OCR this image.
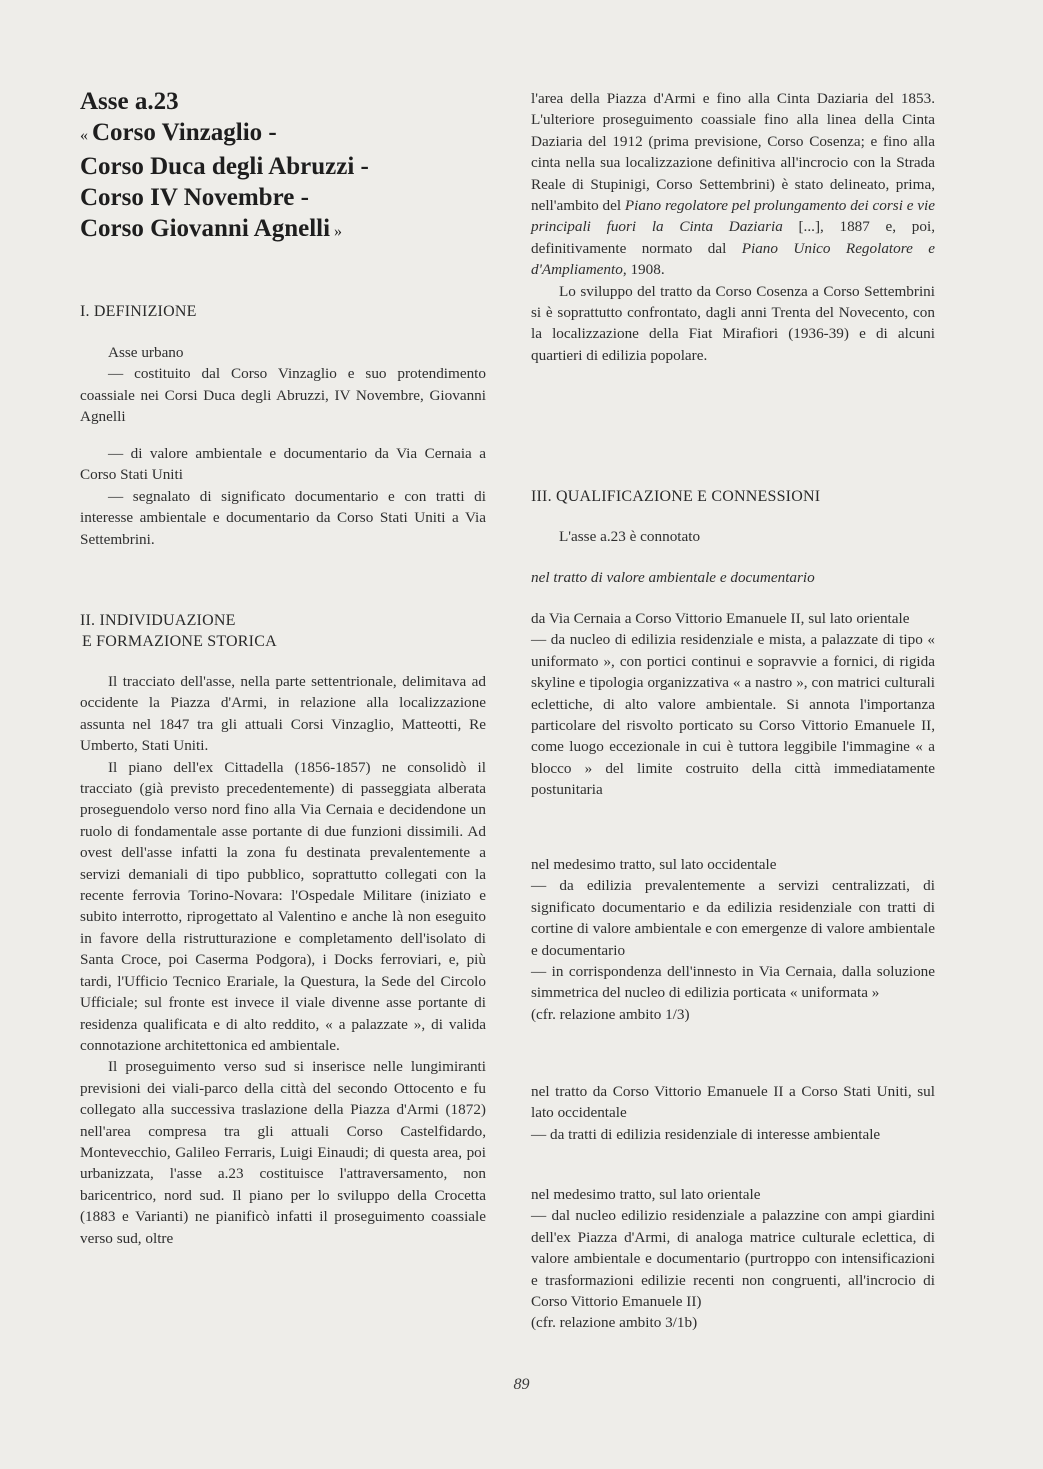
Asse a.23
« Corso Vinzaglio -
Corso Duca degli Abruzzi -
Corso IV Novembre -
Corso Giovanni Agnelli »
I. DEFINIZIONE

Asse urbano

— costituito dal Corso Vinzaglio e suo protendimento coassiale nei Corsi Duca degli Abruzzi, IV Novembre, Giovanni Agnelli

— di valore ambientale e documentario da Via Cernaia a Corso Stati Uniti

— segnalato di significato documentario e con tratti di interesse ambientale e documentario da Corso Stati Uniti a Via Settembrini.

II. INDIVIDUAZIONE
E FORMAZIONE STORICA

Il tracciato dell'asse, nella parte settentrionale, delimitava ad occidente la Piazza d'Armi, in relazione alla localizzazione assunta nel 1847 tra gli attuali Corsi Vinzaglio, Matteotti, Re Umberto, Stati Uniti.

Il piano dell'ex Cittadella (1856-1857) ne consolidò il tracciato (già previsto precedentemente) di passeggiata alberata proseguendolo verso nord fino alla Via Cernaia e decidendone un ruolo di fondamentale asse portante di due funzioni dissimili. Ad ovest dell'asse infatti la zona fu destinata prevalentemente a servizi demaniali di tipo pubblico, soprattutto collegati con la recente ferrovia Torino-Novara: l'Ospedale Militare (iniziato e subito interrotto, riprogettato al Valentino e anche là non eseguito in favore della ristrutturazione e completamento dell'isolato di Santa Croce, poi Caserma Podgora), i Docks ferroviari, e, più tardi, l'Ufficio Tecnico Erariale, la Questura, la Sede del Circolo Ufficiale; sul fronte est invece il viale divenne asse portante di residenza qualificata e di alto reddito, « a palazzate », di valida connotazione architettonica ed ambientale.

Il proseguimento verso sud si inserisce nelle lungimiranti previsioni dei viali-parco della città del secondo Ottocento e fu collegato alla successiva traslazione della Piazza d'Armi (1872) nell'area compresa tra gli attuali Corso Castelfidardo, Montevecchio, Galileo Ferraris, Luigi Einaudi; di questa area, poi urbanizzata, l'asse a.23 costituisce l'attraversamento, non baricentrico, nord sud. Il piano per lo sviluppo della Crocetta (1883 e Varianti) ne pianificò infatti il proseguimento coassiale verso sud, oltre

l'area della Piazza d'Armi e fino alla Cinta Daziaria del 1853. L'ulteriore proseguimento coassiale fino alla linea della Cinta Daziaria del 1912 (prima previsione, Corso Cosenza; e fino alla cinta nella sua localizzazione definitiva all'incrocio con la Strada Reale di Stupinigi, Corso Settembrini) è stato delineato, prima, nell'ambito del Piano regolatore pel prolungamento dei corsi e vie principali fuori la Cinta Daziaria [...], 1887 e, poi, definitivamente normato dal Piano Unico Regolatore e d'Ampliamento, 1908.

Lo sviluppo del tratto da Corso Cosenza a Corso Settembrini si è soprattutto confrontato, dagli anni Trenta del Novecento, con la localizzazione della Fiat Mirafiori (1936-39) e di alcuni quartieri di edilizia popolare.

III. QUALIFICAZIONE E CONNESSIONI

L'asse a.23 è connotato

nel tratto di valore ambientale e documentario

da Via Cernaia a Corso Vittorio Emanuele II, sul lato orientale

— da nucleo di edilizia residenziale e mista, a palazzate di tipo « uniformato », con portici continui e sopravvie a fornici, di rigida skyline e tipologia organizzativa « a nastro », con matrici culturali eclettiche, di alto valore ambientale. Si annota l'importanza particolare del risvolto porticato su Corso Vittorio Emanuele II, come luogo eccezionale in cui è tuttora leggibile l'immagine « a blocco » del limite costruito della città immediatamente postunitaria

nel medesimo tratto, sul lato occidentale

— da edilizia prevalentemente a servizi centralizzati, di significato documentario e da edilizia residenziale con tratti di cortine di valore ambientale e con emergenze di valore ambientale e documentario

— in corrispondenza dell'innesto in Via Cernaia, dalla soluzione simmetrica del nucleo di edilizia porticata « uniformata »

(cfr. relazione ambito 1/3)

nel tratto da Corso Vittorio Emanuele II a Corso Stati Uniti, sul lato occidentale

— da tratti di edilizia residenziale di interesse ambientale

nel medesimo tratto, sul lato orientale

— dal nucleo edilizio residenziale a palazzine con ampi giardini dell'ex Piazza d'Armi, di analoga matrice culturale eclettica, di valore ambientale e documentario (purtroppo con intensificazioni e trasformazioni edilizie recenti non congruenti, all'incrocio di Corso Vittorio Emanuele II)

(cfr. relazione ambito 3/1b)

89
